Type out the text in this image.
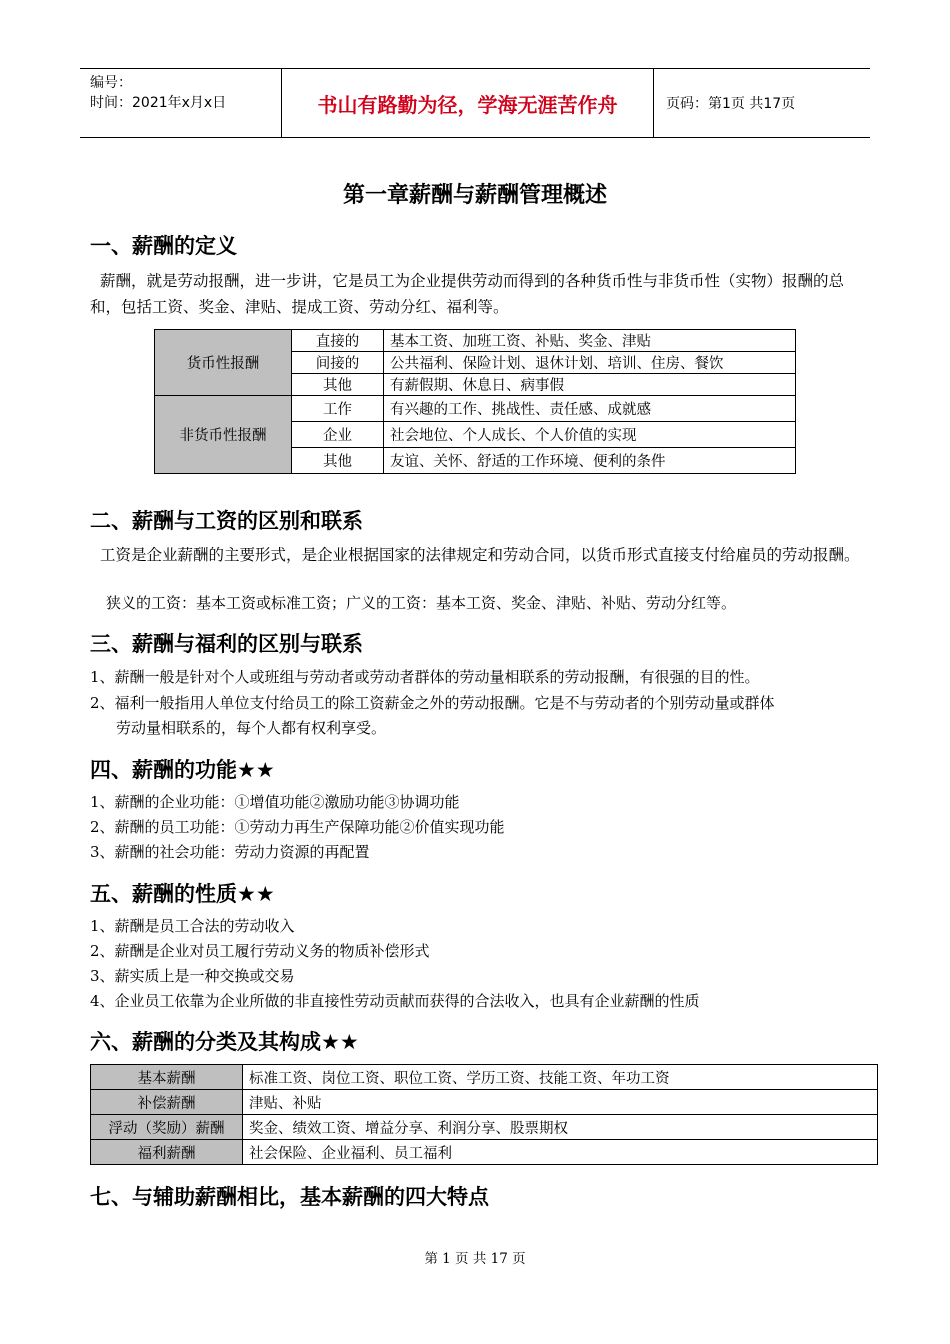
编号：
时间：2021年x月x日	书山有路勤为径，学海无涯苦作舟	页码：第1页 共17页
第一章薪酬与薪酬管理概述
一、薪酬的定义
薪酬，就是劳动报酬，进一步讲，它是员工为企业提供劳动而得到的各种货币性与非货币性（实物）报酬的总和，包括工资、奖金、津贴、提成工资、劳动分红、福利等。
货币性报酬	直接的	基本工资、加班工资、补贴、奖金、津贴
	间接的	公共福利、保险计划、退休计划、培训、住房、餐饮
	其他	有薪假期、休息日、病事假
非货币性报酬	工作	有兴趣的工作、挑战性、责任感、成就感
	企业	社会地位、个人成长、个人价值的实现
	其他	友谊、关怀、舒适的工作环境、便利的条件
二、薪酬与工资的区别和联系
工资是企业薪酬的主要形式，是企业根据国家的法律规定和劳动合同，以货币形式直接支付给雇员的劳动报酬。
狭义的工资：基本工资或标准工资；广义的工资：基本工资、奖金、津贴、补贴、劳动分红等。
三、薪酬与福利的区别与联系
1、薪酬一般是针对个人或班组与劳动者或劳动者群体的劳动量相联系的劳动报酬，有很强的目的性。
2、福利一般指用人单位支付给员工的除工资薪金之外的劳动报酬。它是不与劳动者的个别劳动量或群体
劳动量相联系的，每个人都有权利享受。
四、薪酬的功能★★
1、薪酬的企业功能：①增值功能②激励功能③协调功能
2、薪酬的员工功能：①劳动力再生产保障功能②价值实现功能
3、薪酬的社会功能：劳动力资源的再配置
五、薪酬的性质★★
1、薪酬是员工合法的劳动收入
2、薪酬是企业对员工履行劳动义务的物质补偿形式
3、薪实质上是一种交换或交易
4、企业员工依靠为企业所做的非直接性劳动贡献而获得的合法收入，也具有企业薪酬的性质
六、薪酬的分类及其构成★★
基本薪酬	标准工资、岗位工资、职位工资、学历工资、技能工资、年功工资
补偿薪酬	津贴、补贴
浮动（奖励）薪酬	奖金、绩效工资、增益分享、利润分享、股票期权
福利薪酬	社会保险、企业福利、员工福利
七、与辅助薪酬相比，基本薪酬的四大特点
第 1 页 共 17 页
